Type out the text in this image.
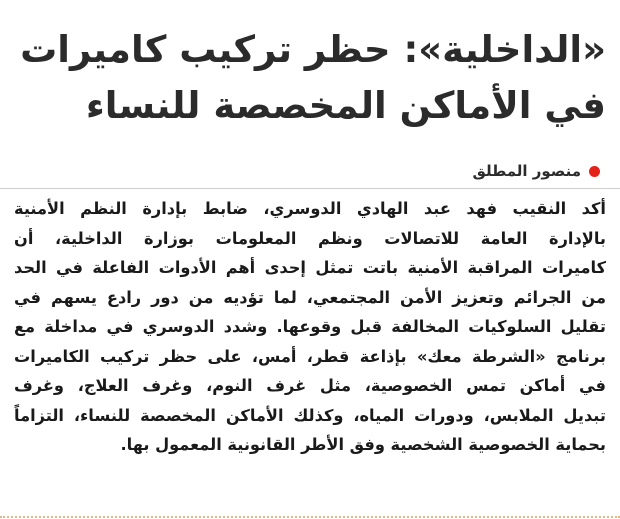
«الداخلية»: حظر تركيب كاميرات
في الأماكن المخصصة للنساء
منصور المطلق

أكد النقيب فهد عبد الهادي الدوسري، ضابط بإدارة النظم الأمنية
بالإدارة العامة للاتصالات ونظم المعلومات بوزارة الداخلية، أن
كاميرات المراقبة الأمنية باتت تمثل إحدى أهم الأدوات الفاعلة في الحد
من الجرائم وتعزيز الأمن المجتمعي، لما تؤديه من دور رادع يسهم في
تقليل السلوكيات المخالفة قبل وقوعها. وشدد الدوسري في مداخلة مع
برنامج «الشرطة معك» بإذاعة قطر، أمس، على حظر تركيب الكاميرات
في أماكن تمس الخصوصية، مثل غرف النوم، وغرف العلاج، وغرف
تبديل الملابس، ودورات المياه، وكذلك الأماكن المخصصة للنساء، التزاماً
بحماية الخصوصية الشخصية وفق الأطر القانونية المعمول بها.
